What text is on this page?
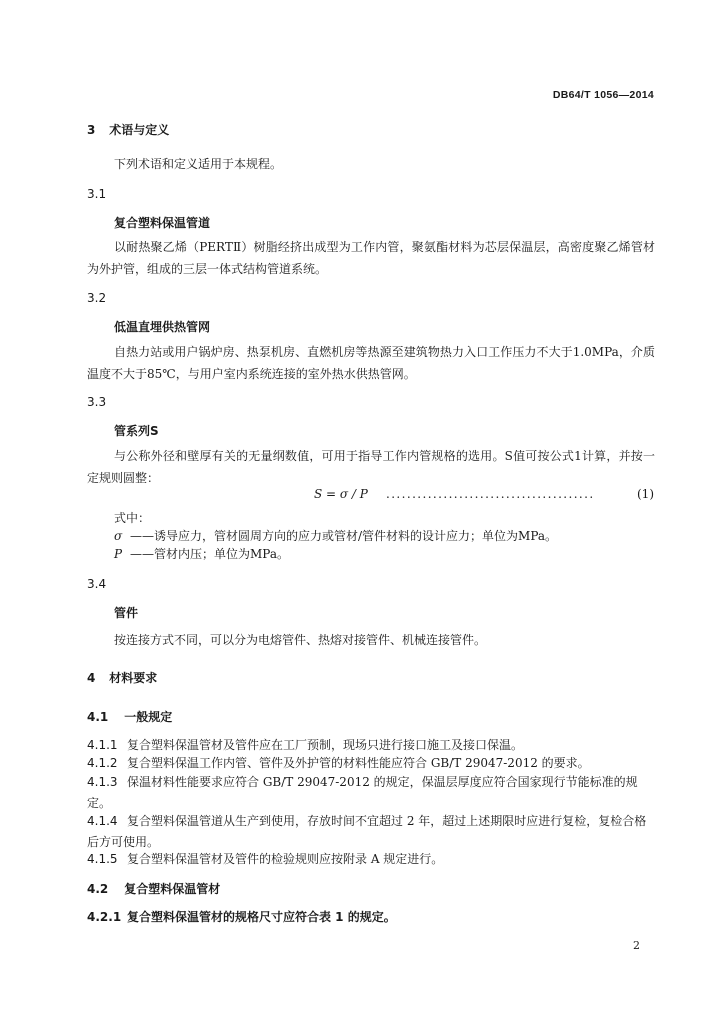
DB64/T 1056—2014
3 术语与定义
下列术语和定义适用于本规程。
3.1
复合塑料保温管道
以耐热聚乙烯（PERTⅡ）树脂经挤出成型为工作内管，聚氨酯材料为芯层保温层，高密度聚乙烯管材为外护管，组成的三层一体式结构管道系统。
3.2
低温直埋供热管网
自热力站或用户锅炉房、热泵机房、直燃机房等热源至建筑物热力入口工作压力不大于1.0MPa，介质温度不大于85℃，与用户室内系统连接的室外热水供热管网。
3.3
管系列S
与公称外径和壁厚有关的无量纲数值，可用于指导工作内管规格的选用。S值可按公式1计算，并按一定规则圆整：
S = σ / P ........................................	(1)
式中：
σ ——诱导应力，管材圆周方向的应力或管材/管件材料的设计应力；单位为MPa。
P ——管材内压；单位为MPa。
3.4
管件
按连接方式不同，可以分为电熔管件、热熔对接管件、机械连接管件。
4 材料要求
4.1 一般规定
4.1.1 复合塑料保温管材及管件应在工厂预制，现场只进行接口施工及接口保温。
4.1.2 复合塑料保温工作内管、管件及外护管的材料性能应符合 GB/T 29047-2012 的要求。
4.1.3 保温材料性能要求应符合 GB/T 29047-2012 的规定，保温层厚度应符合国家现行节能标准的规定。
4.1.4 复合塑料保温管道从生产到使用，存放时间不宜超过 2 年，超过上述期限时应进行复检，复检合格后方可使用。
4.1.5 复合塑料保温管材及管件的检验规则应按附录 A 规定进行。
4.2 复合塑料保温管材
4.2.1 复合塑料保温管材的规格尺寸应符合表 1 的规定。
2
